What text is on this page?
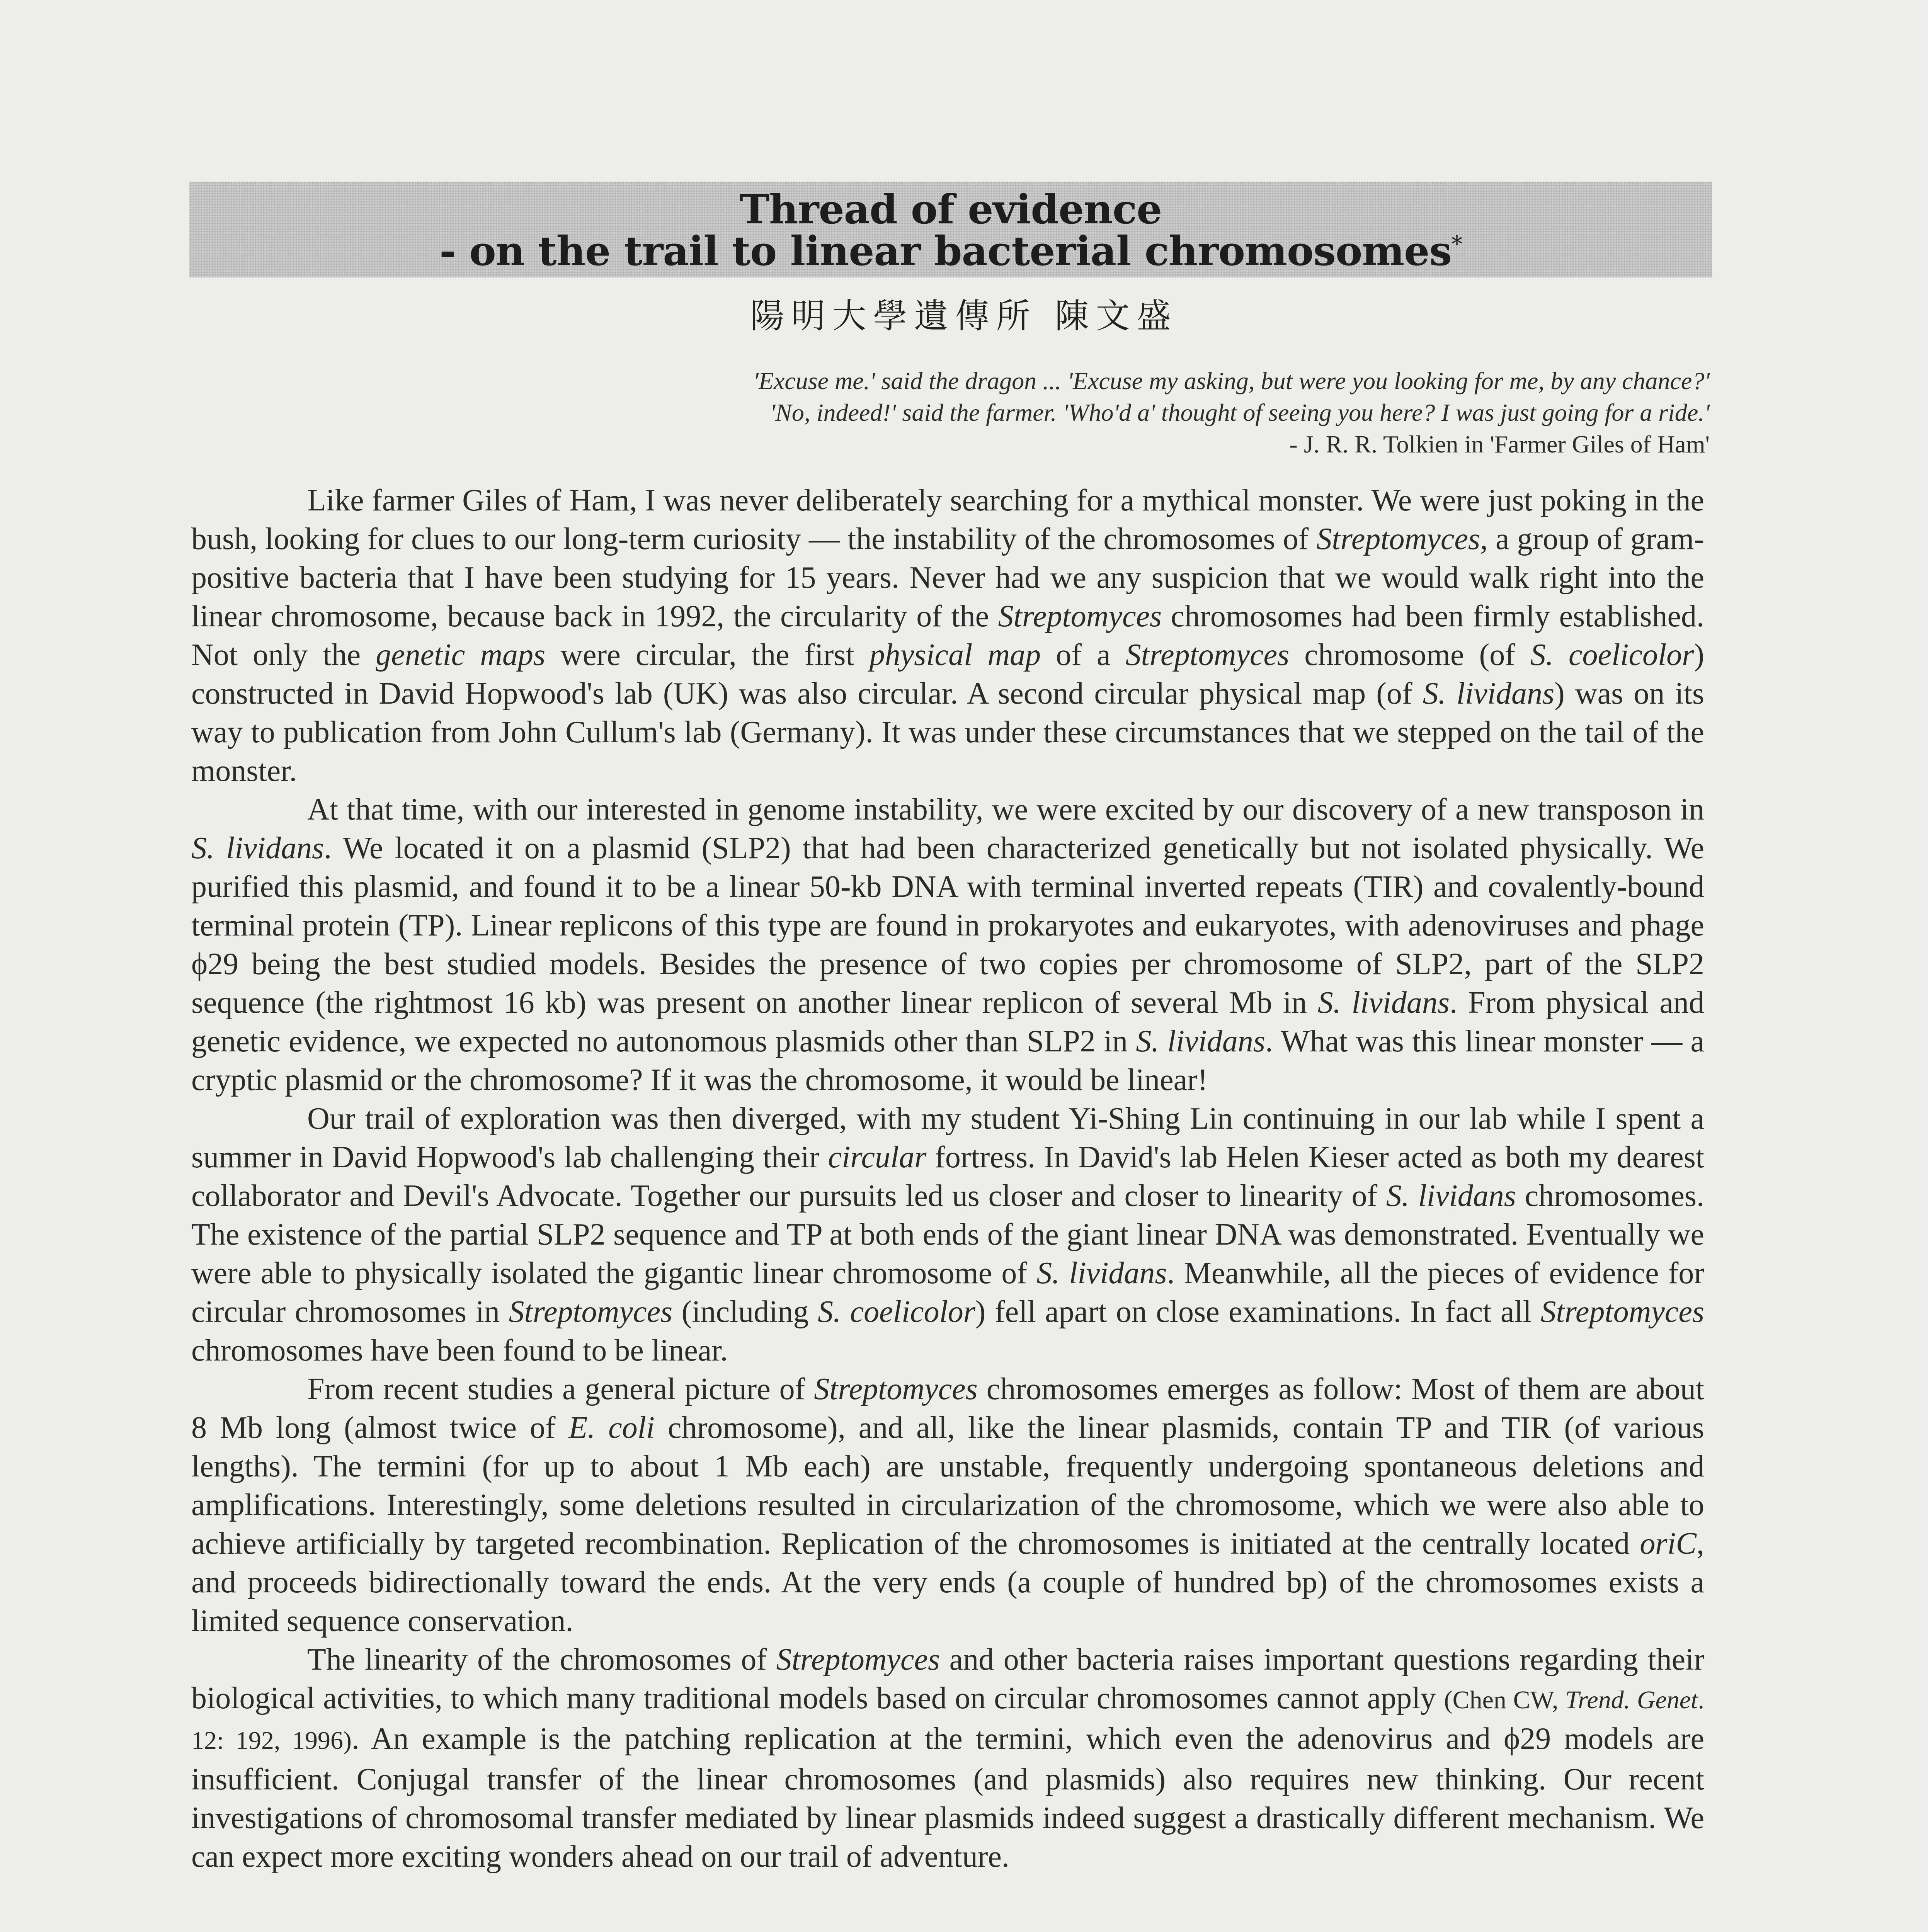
Thread of evidence
- on the trail to linear bacterial chromosomes*
陽明大學遺傳所 陳文盛
'Excuse me.' said the dragon ... 'Excuse my asking, but were you looking for me, by any chance?'
'No, indeed!' said the farmer. 'Who'd a' thought of seeing you here? I was just going for a ride.'
- J. R. R. Tolkien in 'Farmer Giles of Ham'

Like farmer Giles of Ham, I was never deliberately searching for a mythical monster. We were just poking in the bush, looking for clues to our long-term curiosity — the instability of the chromosomes of Streptomyces, a group of gram-positive bacteria that I have been studying for 15 years. Never had we any suspicion that we would walk right into the linear chromosome, because back in 1992, the circularity of the Streptomyces chromosomes had been firmly established. Not only the genetic maps were circular, the first physical map of a Streptomyces chromosome (of S. coelicolor) constructed in David Hopwood's lab (UK) was also circular. A second circular physical map (of S. lividans) was on its way to publication from John Cullum's lab (Germany). It was under these circumstances that we stepped on the tail of the monster.

At that time, with our interested in genome instability, we were excited by our discovery of a new transposon in S. lividans. We located it on a plasmid (SLP2) that had been characterized genetically but not isolated physically. We purified this plasmid, and found it to be a linear 50-kb DNA with terminal inverted repeats (TIR) and covalently-bound terminal protein (TP). Linear replicons of this type are found in prokaryotes and eukaryotes, with adenoviruses and phage ϕ29 being the best studied models. Besides the presence of two copies per chromosome of SLP2, part of the SLP2 sequence (the rightmost 16 kb) was present on another linear replicon of several Mb in S. lividans. From physical and genetic evidence, we expected no autonomous plasmids other than SLP2 in S. lividans. What was this linear monster — a cryptic plasmid or the chromosome? If it was the chromosome, it would be linear!

Our trail of exploration was then diverged, with my student Yi-Shing Lin continuing in our lab while I spent a summer in David Hopwood's lab challenging their circular fortress. In David's lab Helen Kieser acted as both my dearest collaborator and Devil's Advocate. Together our pursuits led us closer and closer to linearity of S. lividans chromosomes. The existence of the partial SLP2 sequence and TP at both ends of the giant linear DNA was demonstrated. Eventually we were able to physically isolated the gigantic linear chromosome of S. lividans. Meanwhile, all the pieces of evidence for circular chromosomes in Streptomyces (including S. coelicolor) fell apart on close examinations. In fact all Streptomyces chromosomes have been found to be linear.

From recent studies a general picture of Streptomyces chromosomes emerges as follow: Most of them are about 8 Mb long (almost twice of E. coli chromosome), and all, like the linear plasmids, contain TP and TIR (of various lengths). The termini (for up to about 1 Mb each) are unstable, frequently undergoing spontaneous deletions and amplifications. Interestingly, some deletions resulted in circularization of the chromosome, which we were also able to achieve artificially by targeted recombination. Replication of the chromosomes is initiated at the centrally located oriC, and proceeds bidirectionally toward the ends. At the very ends (a couple of hundred bp) of the chromosomes exists a limited sequence conservation.

The linearity of the chromosomes of Streptomyces and other bacteria raises important questions regarding their biological activities, to which many traditional models based on circular chromosomes cannot apply (Chen CW, Trend. Genet. 12: 192, 1996). An example is the patching replication at the termini, which even the adenovirus and ϕ29 models are insufficient. Conjugal transfer of the linear chromosomes (and plasmids) also requires new thinking. Our recent investigations of chromosomal transfer mediated by linear plasmids indeed suggest a drastically different mechanism. We can expect more exciting wonders ahead on our trail of adventure.
